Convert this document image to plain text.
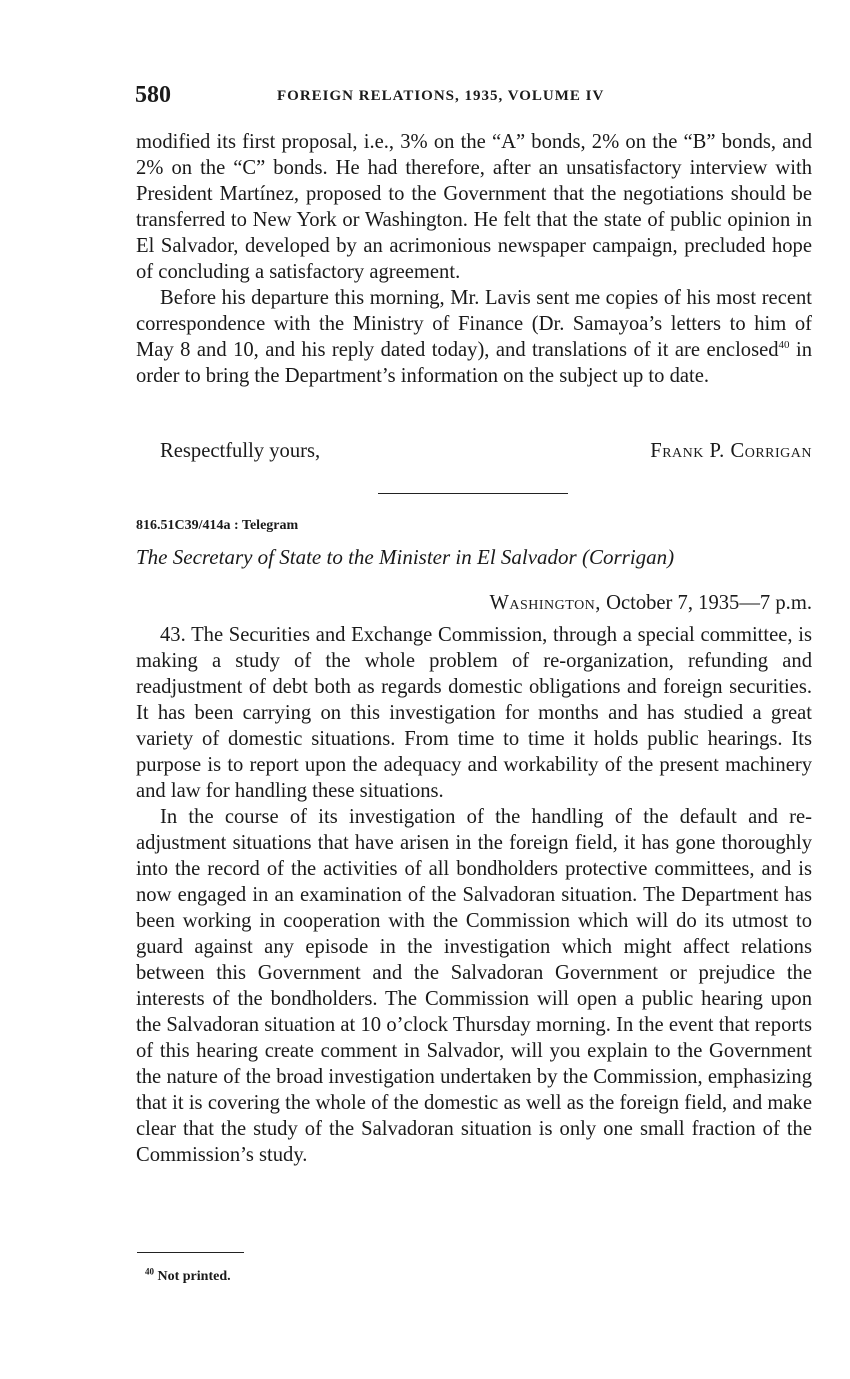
580	FOREIGN RELATIONS, 1935, VOLUME IV

modified its first proposal, i.e., 3% on the “A” bonds, 2% on the “B” bonds, and 2% on the “C” bonds. He had therefore, after an unsatisfactory interview with President Martínez, proposed to the Government that the negotiations should be transferred to New York or Washington. He felt that the state of public opinion in El Salvador, developed by an acrimonious newspaper campaign, precluded hope of concluding a satisfactory agreement.

Before his departure this morning, Mr. Lavis sent me copies of his most recent correspondence with the Ministry of Finance (Dr. Samayoa’s letters to him of May 8 and 10, and his reply dated today), and translations of it are enclosed$^{40}$ in order to bring the Department’s information on the subject up to date.

Respectfully yours,	Frank P. Corrigan
816.51C39/414a : Telegram
The Secretary of State to the Minister in El Salvador (Corrigan)
Washington, October 7, 1935—7 p.m.

43. The Securities and Exchange Commission, through a special committee, is making a study of the whole problem of re-organization, refunding and readjustment of debt both as regards domestic obligations and foreign securities. It has been carrying on this investigation for months and has studied a great variety of domestic situations. From time to time it holds public hearings. Its purpose is to report upon the adequacy and workability of the present machinery and law for handling these situations.

In the course of its investigation of the handling of the default and re-adjustment situations that have arisen in the foreign field, it has gone thoroughly into the record of the activities of all bondholders protective committees, and is now engaged in an examination of the Salvadoran situation. The Department has been working in cooperation with the Commission which will do its utmost to guard against any episode in the investigation which might affect relations between this Government and the Salvadoran Government or prejudice the interests of the bondholders. The Commission will open a public hearing upon the Salvadoran situation at 10 o’clock Thursday morning. In the event that reports of this hearing create comment in Salvador, will you explain to the Government the nature of the broad investigation undertaken by the Commission, emphasizing that it is covering the whole of the domestic as well as the foreign field, and make clear that the study of the Salvadoran situation is only one small fraction of the Commission’s study.

$^{40}$ Not printed.
